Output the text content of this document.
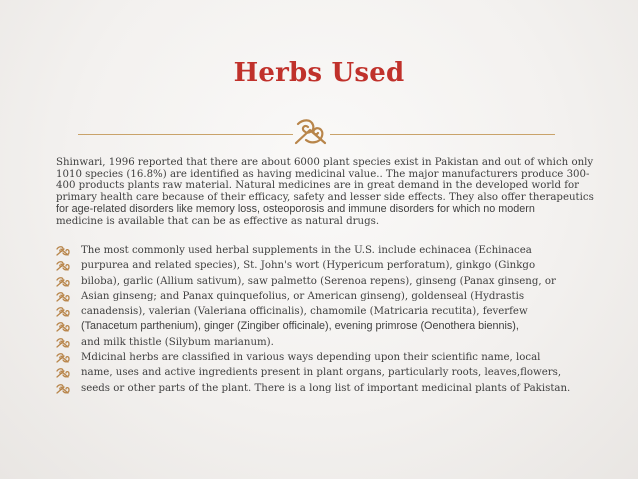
Herbs Used
Shinwari, 1996 reported that there are about 6000 plant species exist in Pakistan and out of which only
1010 species (16.8%) are identified as having medicinal value.. The major manufacturers produce 300-
400 products plants raw material. Natural medicines are in great demand in the developed world for
primary health care because of their efficacy, safety and lesser side effects. They also offer therapeutics
for age-related disorders like memory loss, osteoporosis and immune disorders for which no modern
medicine is available that can be as effective as natural drugs.
The most commonly used herbal supplements in the U.S. include echinacea (Echinacea
purpurea and related species), St. John's wort (Hypericum perforatum), ginkgo (Ginkgo
biloba), garlic (Allium sativum), saw palmetto (Serenoa repens), ginseng (Panax ginseng, or
Asian ginseng; and Panax quinquefolius, or American ginseng), goldenseal (Hydrastis
canadensis), valerian (Valeriana officinalis), chamomile (Matricaria recutita), feverfew
(Tanacetum parthenium), ginger (Zingiber officinale), evening primrose (Oenothera biennis),
and milk thistle (Silybum marianum).
Mdicinal herbs are classified in various ways depending upon their scientific name, local
name, uses and active ingredients present in plant organs, particularly roots, leaves,flowers,
seeds or other parts of the plant. There is a long list of important medicinal plants of Pakistan.
